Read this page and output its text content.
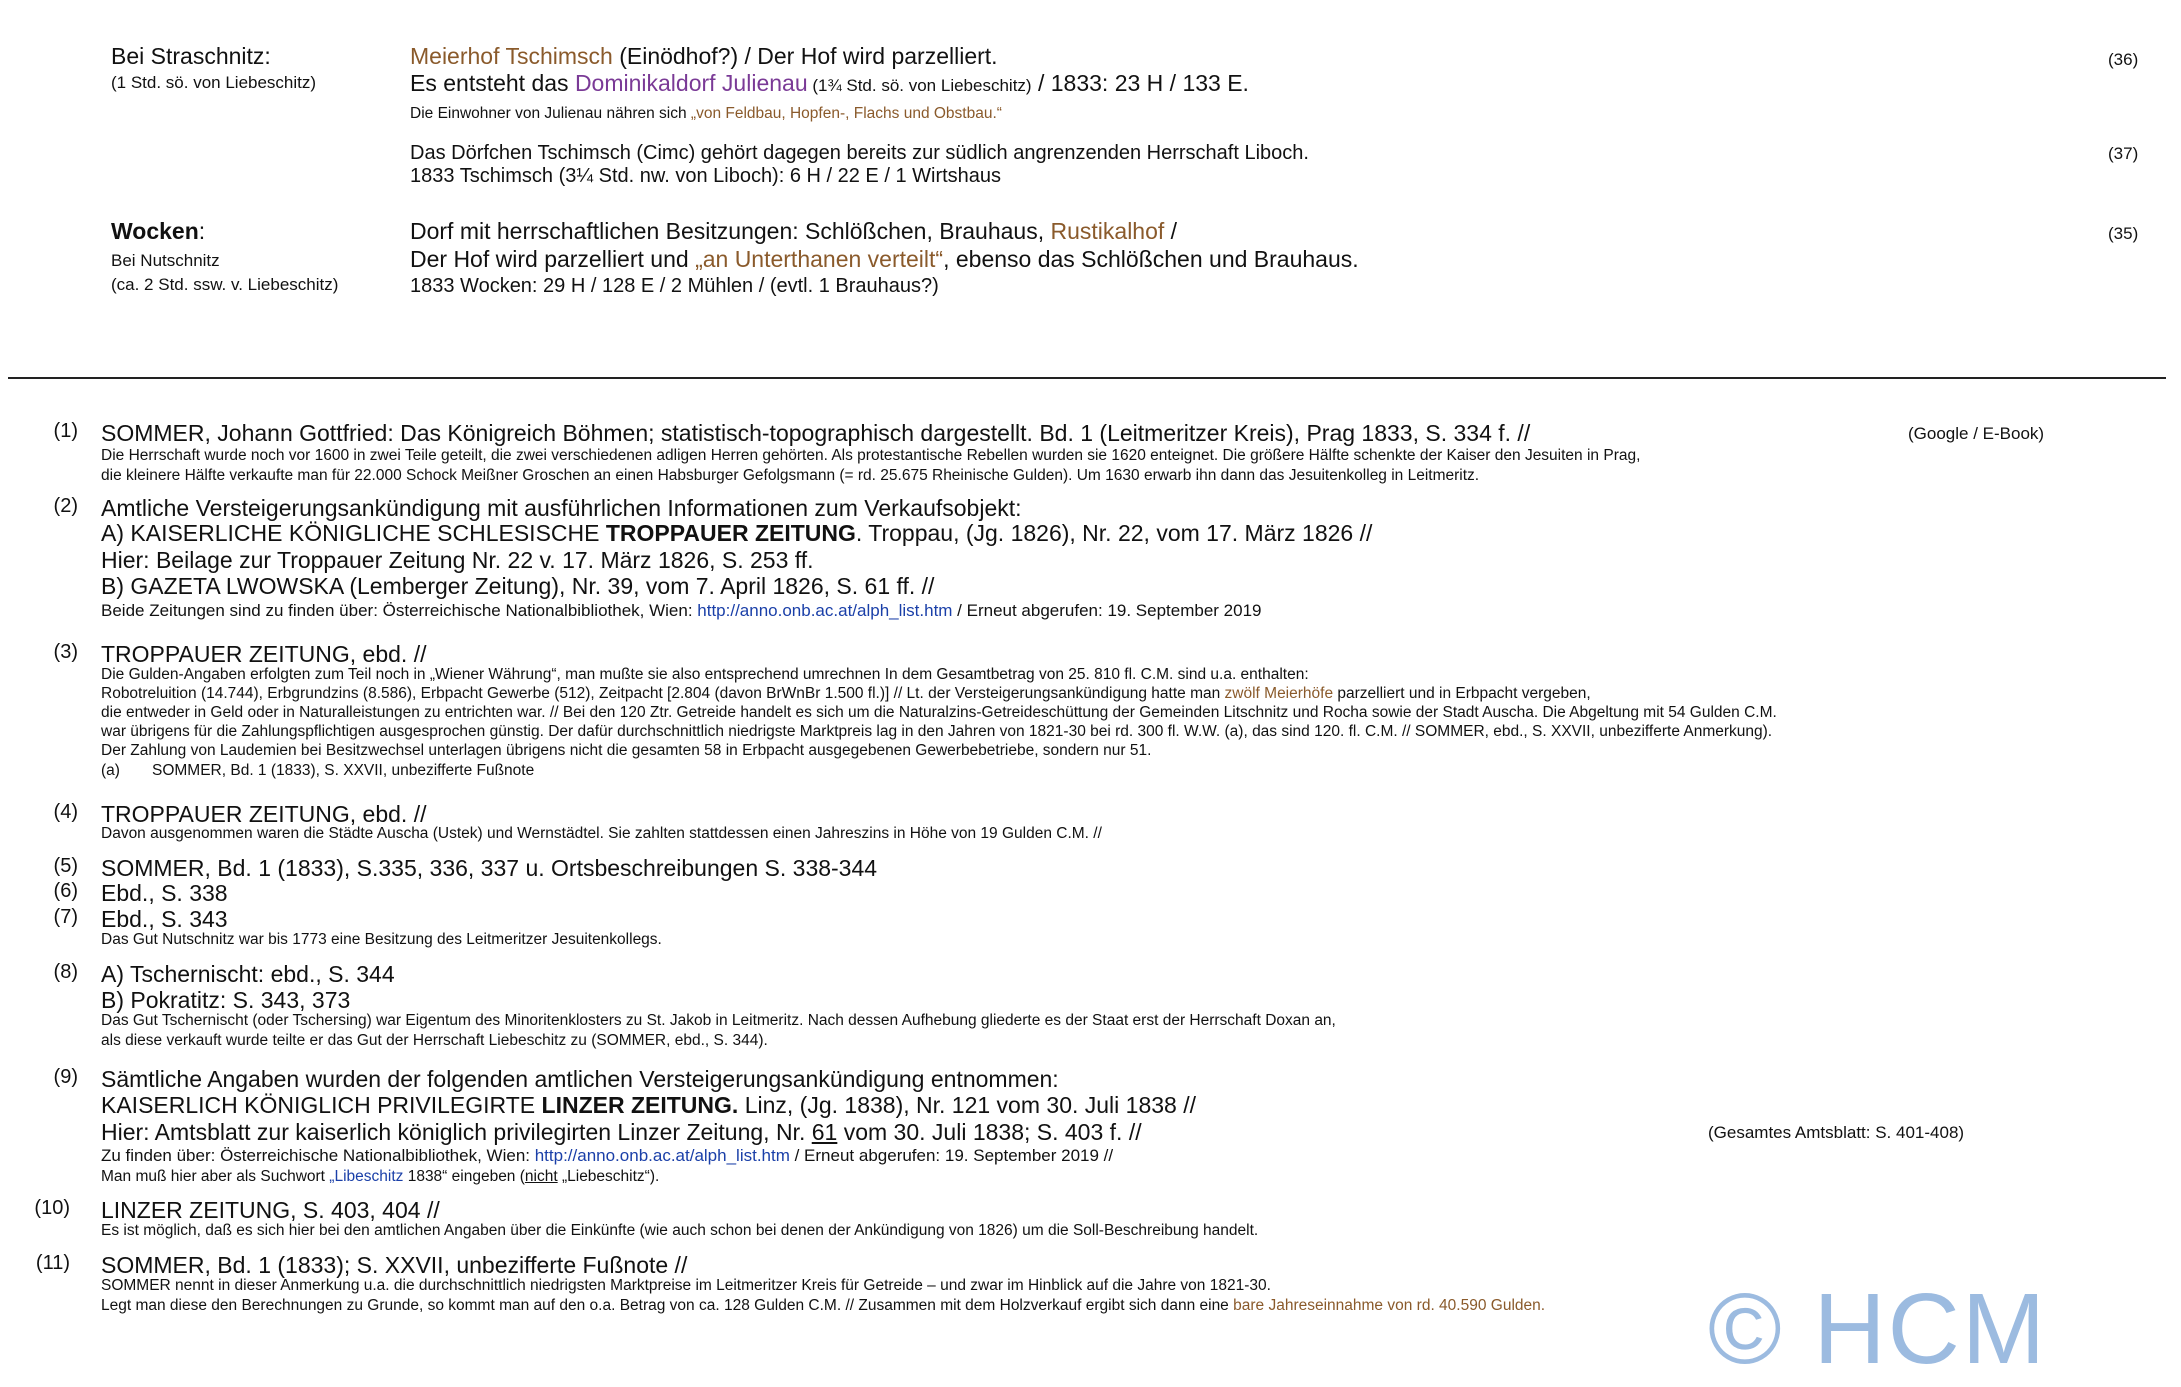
Bei Straschnitz:
(1 Std. sö. von Liebeschitz)
Meierhof Tschimsch (Einödhof?) / Der Hof wird parzelliert.
Es entsteht das Dominikaldorf Julienau (1¾ Std. sö. von Liebeschitz) / 1833: 23 H / 133 E.
Die Einwohner von Julienau nähren sich „von Feldbau, Hopfen-, Flachs und Obstbau.“
(36)
Das Dörfchen Tschimsch (Cimc) gehört dagegen bereits zur südlich angrenzenden Herrschaft Liboch.
1833 Tschimsch (3¼ Std. nw. von Liboch): 6 H / 22 E / 1 Wirtshaus
(37)
Wocken:
Bei Nutschnitz
(ca. 2 Std. ssw. v. Liebeschitz)
Dorf mit herrschaftlichen Besitzungen: Schlößchen, Brauhaus, Rustikalhof /
Der Hof wird parzelliert und „an Unterthanen verteilt“, ebenso das Schlößchen und Brauhaus.
1833 Wocken: 29 H / 128 E / 2 Mühlen / (evtl. 1 Brauhaus?)
(35)
(1) SOMMER, Johann Gottfried: Das Königreich Böhmen; statistisch-topographisch dargestellt. Bd. 1 (Leitmeritzer Kreis), Prag 1833, S. 334 f. //	(Google / E-Book)
Die Herrschaft wurde noch vor 1600 in zwei Teile geteilt, die zwei verschiedenen adligen Herren gehörten. Als protestantische Rebellen wurden sie 1620 enteignet. Die größere Hälfte schenkte der Kaiser den Jesuiten in Prag,
die kleinere Hälfte verkaufte man für 22.000 Schock Meißner Groschen an einen Habsburger Gefolgsmann (= rd. 25.675 Rheinische Gulden). Um 1630 erwarb ihn dann das Jesuitenkolleg in Leitmeritz.
(2) Amtliche Versteigerungsankündigung mit ausführlichen Informationen zum Verkaufsobjekt:
A) KAISERLICHE KÖNIGLICHE SCHLESISCHE TROPPAUER ZEITUNG. Troppau, (Jg. 1826), Nr. 22, vom 17. März 1826 //
Hier: Beilage zur Troppauer Zeitung Nr. 22 v. 17. März 1826, S. 253 ff.
B) GAZETA LWOWSKA (Lemberger Zeitung), Nr. 39, vom 7. April 1826, S. 61 ff. //
Beide Zeitungen sind zu finden über: Österreichische Nationalbibliothek, Wien: http://anno.onb.ac.at/alph_list.htm / Erneut abgerufen: 19. September 2019
(3) TROPPAUER ZEITUNG, ebd. //
Die Gulden-Angaben erfolgten zum Teil noch in „Wiener Währung“, man mußte sie also entsprechend umrechnen In dem Gesamtbetrag von 25. 810 fl. C.M. sind u.a. enthalten:
Robotreluition (14.744), Erbgrundzins (8.586), Erbpacht Gewerbe (512), Zeitpacht [2.804 (davon BrWnBr 1.500 fl.)] // Lt. der Versteigerungsankündigung hatte man zwölf Meierhöfe parzelliert und in Erbpacht vergeben,
die entweder in Geld oder in Naturalleistungen zu entrichten war. // Bei den 120 Ztr. Getreide handelt es sich um die Naturalzins-Getreideschüttung der Gemeinden Litschnitz und Rocha sowie der Stadt Auscha. Die Abgeltung mit 54 Gulden C.M.
war übrigens für die Zahlungspflichtigen ausgesprochen günstig. Der dafür durchschnittlich niedrigste Marktpreis lag in den Jahren von 1821-30 bei rd. 300 fl. W.W. (a), das sind 120. fl. C.M. // SOMMER, ebd., S. XXVII, unbezifferte Anmerkung).
Der Zahlung von Laudemien bei Besitzwechsel unterlagen übrigens nicht die gesamten 58 in Erbpacht ausgegebenen Gewerbebetriebe, sondern nur 51.
(a) SOMMER, Bd. 1 (1833), S. XXVII, unbezifferte Fußnote
(4) TROPPAUER ZEITUNG, ebd. //
Davon ausgenommen waren die Städte Auscha (Ustek) und Wernstädtel. Sie zahlten stattdessen einen Jahreszins in Höhe von 19 Gulden C.M. //
(5) SOMMER, Bd. 1 (1833), S.335, 336, 337 u. Ortsbeschreibungen S. 338-344
(6) Ebd., S. 338
(7) Ebd., S. 343
Das Gut Nutschnitz war bis 1773 eine Besitzung des Leitmeritzer Jesuitenkollegs.
(8) A) Tschernischt: ebd., S. 344
B) Pokratitz: S. 343, 373
Das Gut Tschernischt (oder Tschersing) war Eigentum des Minoritenklosters zu St. Jakob in Leitmeritz. Nach dessen Aufhebung gliederte es der Staat erst der Herrschaft Doxan an,
als diese verkauft wurde teilte er das Gut der Herrschaft Liebeschitz zu (SOMMER, ebd., S. 344).
(9) Sämtliche Angaben wurden der folgenden amtlichen Versteigerungsankündigung entnommen:
KAISERLICH KÖNIGLICH PRIVILEGIRTE LINZER ZEITUNG. Linz, (Jg. 1838), Nr. 121 vom 30. Juli 1838 //
Hier: Amtsblatt zur kaiserlich königlich privilegirten Linzer Zeitung, Nr. 61 vom 30. Juli 1838; S. 403 f. //	(Gesamtes Amtsblatt: S. 401-408)
Zu finden über: Österreichische Nationalbibliothek, Wien: http://anno.onb.ac.at/alph_list.htm / Erneut abgerufen: 19. September 2019 //
Man muß hier aber als Suchwort „Libeschitz 1838“ eingeben (nicht „Liebeschitz“).
(10) LINZER ZEITUNG, S. 403, 404 //
Es ist möglich, daß es sich hier bei den amtlichen Angaben über die Einkünfte (wie auch schon bei denen der Ankündigung von 1826) um die Soll-Beschreibung handelt.
(11) SOMMER, Bd. 1 (1833); S. XXVII, unbezifferte Fußnote //
SOMMER nennt in dieser Anmerkung u.a. die durchschnittlich niedrigsten Marktpreise im Leitmeritzer Kreis für Getreide – und zwar im Hinblick auf die Jahre von 1821-30.
Legt man diese den Berechnungen zu Grunde, so kommt man auf den o.a. Betrag von ca. 128 Gulden C.M. // Zusammen mit dem Holzverkauf ergibt sich dann eine bare Jahreseinnahme von rd. 40.590 Gulden. © HCM
